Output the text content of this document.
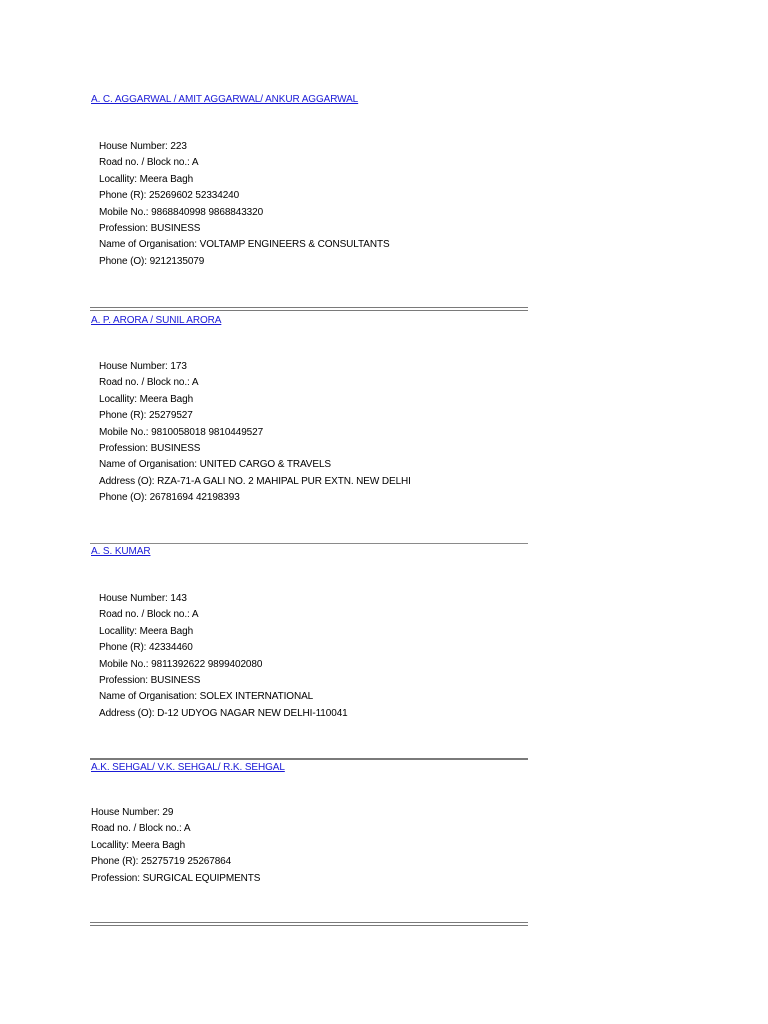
A. C. AGGARWAL / AMIT AGGARWAL/ ANKUR AGGARWAL
House Number: 223
Road no. / Block no.: A
Locallity: Meera Bagh
Phone (R): 25269602 52334240
Mobile No.: 9868840998 9868843320
Profession: BUSINESS
Name of Organisation: VOLTAMP ENGINEERS & CONSULTANTS
Phone (O): 9212135079
A. P. ARORA / SUNIL ARORA
House Number: 173
Road no. / Block no.: A
Locallity: Meera Bagh
Phone (R): 25279527
Mobile No.: 9810058018 9810449527
Profession: BUSINESS
Name of Organisation: UNITED CARGO & TRAVELS
Address (O): RZA-71-A GALI NO. 2 MAHIPAL PUR EXTN. NEW DELHI
Phone (O): 26781694 42198393
A. S. KUMAR
House Number: 143
Road no. / Block no.: A
Locallity: Meera Bagh
Phone (R): 42334460
Mobile No.: 9811392622 9899402080
Profession: BUSINESS
Name of Organisation: SOLEX INTERNATIONAL
Address (O): D-12 UDYOG NAGAR NEW DELHI-110041
A.K. SEHGAL/ V.K. SEHGAL/ R.K. SEHGAL
House Number: 29
Road no. / Block no.: A
Locallity: Meera Bagh
Phone (R): 25275719 25267864
Profession: SURGICAL EQUIPMENTS
